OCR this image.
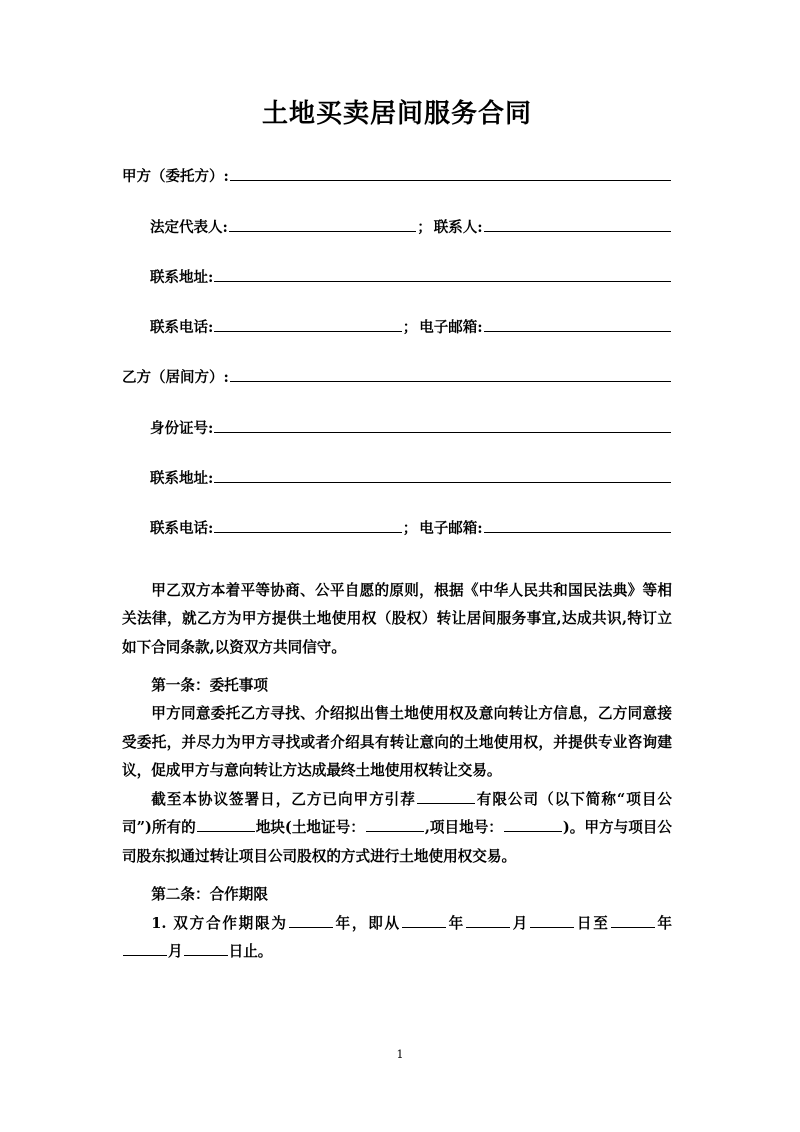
土地买卖居间服务合同
甲方（委托方）:
法定代表人:	； 联系人:
联系地址:
联系电话:	； 电子邮箱:
乙方（居间方）:
身份证号:
联系地址:
联系电话:	； 电子邮箱:

甲乙双方本着平等协商、公平自愿的原则，根据《中华人民共和国民法典》等相关法律，就乙方为甲方提供土地使用权（股权）转让居间服务事宜,达成共识,特订立如下合同条款,以资双方共同信守。

第一条：委托事项

甲方同意委托乙方寻找、介绍拟出售土地使用权及意向转让方信息，乙方同意接受委托，并尽力为甲方寻找或者介绍具有转让意向的土地使用权，并提供专业咨询建议，促成甲方与意向转让方达成最终土地使用权转让交易。

截至本协议签署日，乙方已向甲方引荐	有限公司（以下简称“项目公司”)所有的	地块(土地证号：	,项目地号：	)。甲方与项目公司股东拟通过转让项目公司股权的方式进行土地使用权交易。

第二条：合作期限

1. 双方合作期限为	年，即从	年	月	日至	年月	日止。

1
